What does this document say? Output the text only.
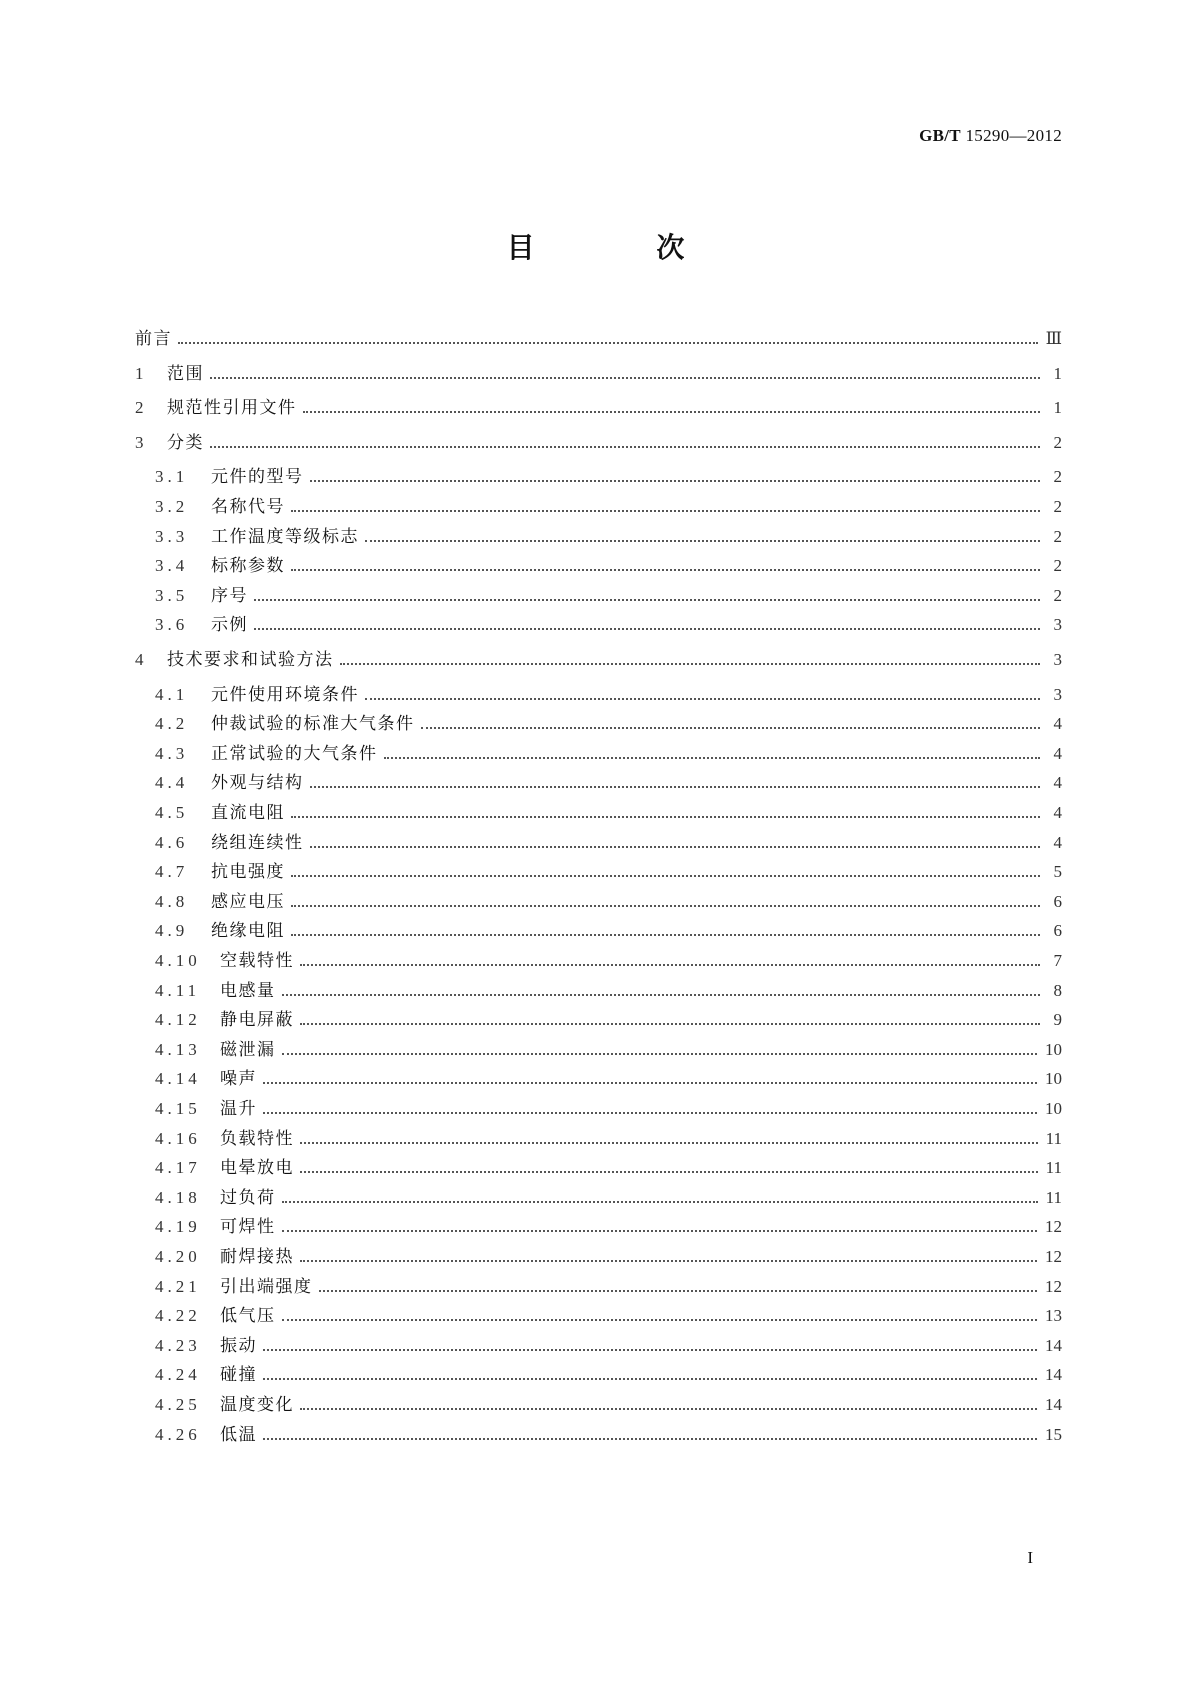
GB/T 15290—2012
目 次
前言	Ⅲ
1	范围	1
2	规范性引用文件	1
3	分类	2
3.1	元件的型号	2
3.2	名称代号	2
3.3	工作温度等级标志	2
3.4	标称参数	2
3.5	序号	2
3.6	示例	3
4	技术要求和试验方法	3
4.1	元件使用环境条件	3
4.2	仲裁试验的标准大气条件	4
4.3	正常试验的大气条件	4
4.4	外观与结构	4
4.5	直流电阻	4
4.6	绕组连续性	4
4.7	抗电强度	5
4.8	感应电压	6
4.9	绝缘电阻	6
4.10	空载特性	7
4.11	电感量	8
4.12	静电屏蔽	9
4.13	磁泄漏	10
4.14	噪声	10
4.15	温升	10
4.16	负载特性	11
4.17	电晕放电	11
4.18	过负荷	11
4.19	可焊性	12
4.20	耐焊接热	12
4.21	引出端强度	12
4.22	低气压	13
4.23	振动	14
4.24	碰撞	14
4.25	温度变化	14
4.26	低温	15
I
